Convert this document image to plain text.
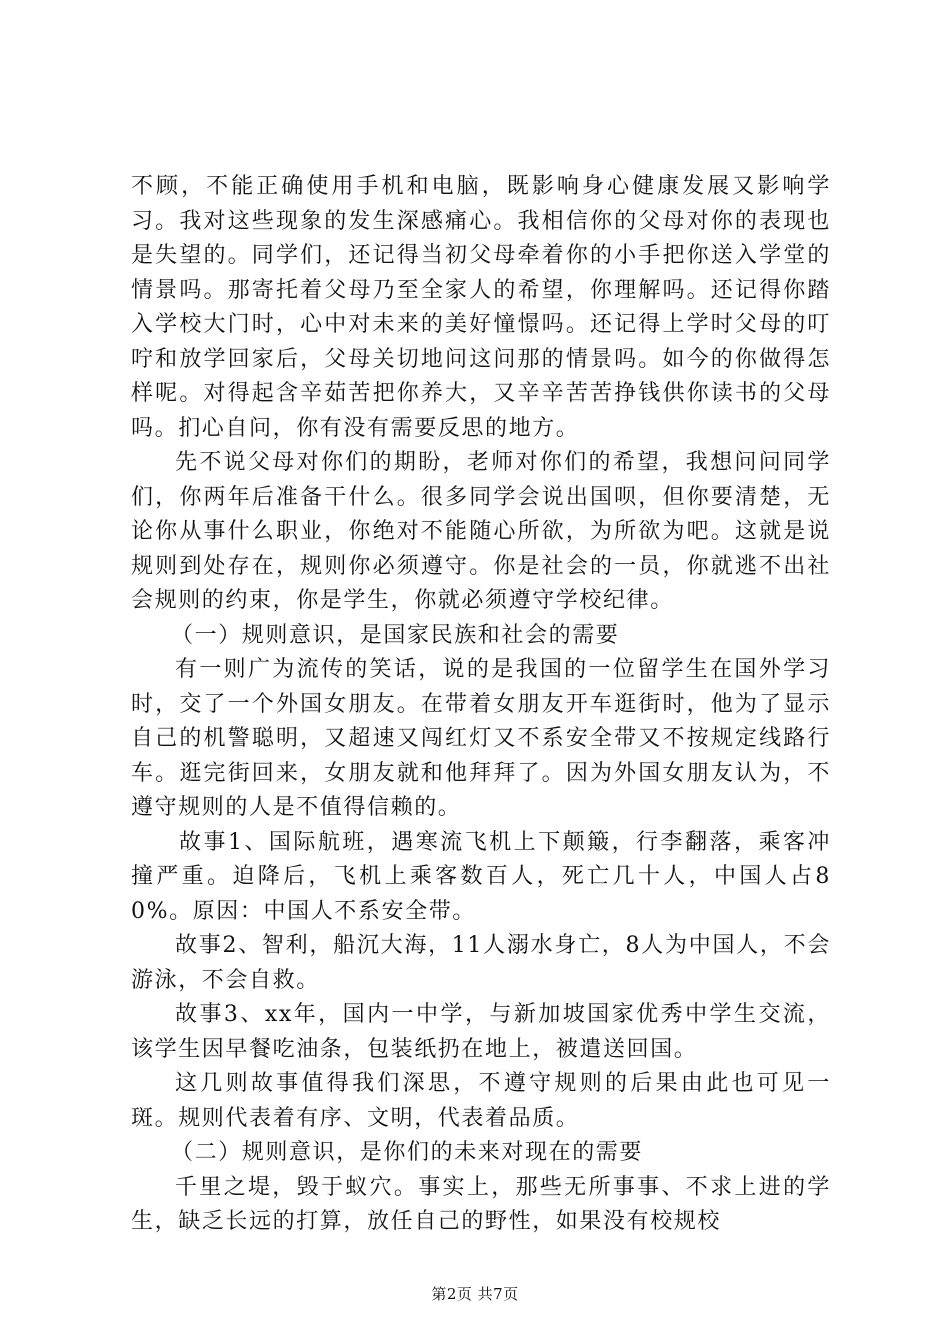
不顾，不能正确使用手机和电脑，既影响身心健康发展又影响学习。我对这些现象的发生深感痛心。我相信你的父母对你的表现也是失望的。同学们，还记得当初父母牵着你的小手把你送入学堂的情景吗。那寄托着父母乃至全家人的希望，你理解吗。还记得你踏入学校大门时，心中对未来的美好憧憬吗。还记得上学时父母的叮咛和放学回家后，父母关切地问这问那的情景吗。如今的你做得怎样呢。对得起含辛茹苦把你养大，又辛辛苦苦挣钱供你读书的父母吗。扪心自问，你有没有需要反思的地方。

先不说父母对你们的期盼，老师对你们的希望，我想问问同学们，你两年后准备干什么。很多同学会说出国呗，但你要清楚，无论你从事什么职业，你绝对不能随心所欲，为所欲为吧。这就是说规则到处存在，规则你必须遵守。你是社会的一员，你就逃不出社会规则的约束，你是学生，你就必须遵守学校纪律。

（一）规则意识，是国家民族和社会的需要

有一则广为流传的笑话，说的是我国的一位留学生在国外学习时，交了一个外国女朋友。在带着女朋友开车逛街时，他为了显示自己的机警聪明，又超速又闯红灯又不系安全带又不按规定线路行车。逛完街回来，女朋友就和他拜拜了。因为外国女朋友认为，不遵守规则的人是不值得信赖的。

故事1、国际航班，遇寒流飞机上下颠簸，行李翻落，乘客冲撞严重。迫降后，飞机上乘客数百人，死亡几十人，中国人占80%。原因：中国人不系安全带。

故事2、智利，船沉大海，11人溺水身亡，8人为中国人，不会游泳，不会自救。

故事3、xx年，国内一中学，与新加坡国家优秀中学生交流，该学生因早餐吃油条，包装纸扔在地上，被遣送回国。

这几则故事值得我们深思，不遵守规则的后果由此也可见一斑。规则代表着有序、文明，代表着品质。

（二）规则意识，是你们的未来对现在的需要

千里之堤，毁于蚁穴。事实上，那些无所事事、不求上进的学生，缺乏长远的打算，放任自己的野性，如果没有校规校

第2页 共7页
